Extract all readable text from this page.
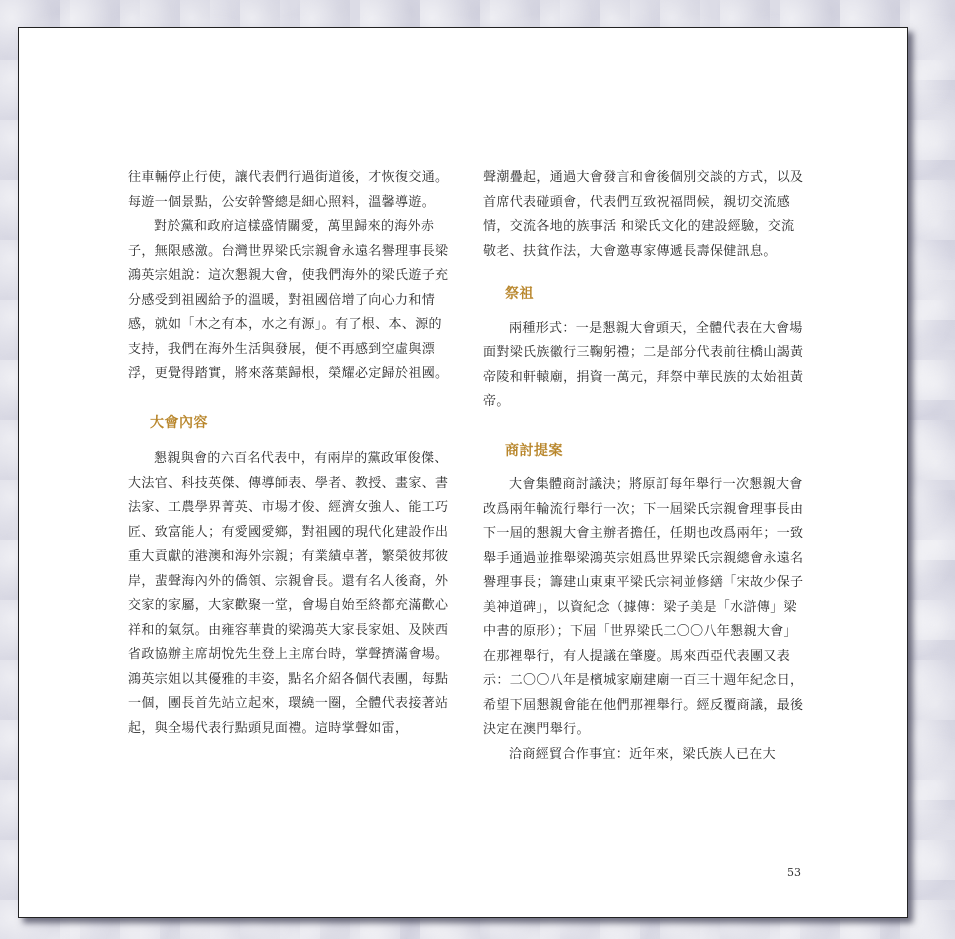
往車輛停止行使，讓代表們行過街道後，才恢復交通。每遊一個景點，公安幹警總是細心照料，溫馨導遊。

對於黨和政府這樣盛情關愛，萬里歸來的海外赤子，無限感激。台灣世界梁氏宗親會永遠名譽理事長梁鴻英宗姐說：這次懇親大會，使我們海外的梁氏遊子充分感受到祖國給予的溫暖，對祖國倍增了向心力和情感，就如「木之有本，水之有源」。有了根、本、源的支持，我們在海外生活與發展，便不再感到空虛與漂浮，更覺得踏實，將來落葉歸根，榮耀必定歸於祖國。

大會內容

懇親與會的六百名代表中，有兩岸的黨政軍俊傑、大法官、科技英傑、傳導師表、學者、教授、畫家、書法家、工農學界菁英、市場才俊、經濟女強人、能工巧匠、致富能人；有愛國愛鄉，對祖國的現代化建設作出重大貢獻的港澳和海外宗親；有業績卓著，繁榮彼邦彼岸，蜚聲海內外的僑領、宗親會長。還有名人後裔，外交家的家屬，大家歡聚一堂，會場自始至終都充滿歡心祥和的氣氛。由雍容華貴的梁鴻英大家長家姐、及陝西省政協辦主席胡悅先生登上主席台時，掌聲擠滿會場。鴻英宗姐以其優雅的丰姿，點名介紹各個代表團，每點一個，團長首先站立起來，環繞一圈，全體代表接著站起，與全場代表行點頭見面禮。這時掌聲如雷，

聲潮疊起，通過大會發言和會後個別交談的方式，以及首席代表碰頭會，代表們互致祝福問候，親切交流感情，交流各地的族事活 和梁氏文化的建設經驗，交流敬老、扶貧作法，大會邀專家傳遞長壽保健訊息。

祭祖

兩種形式：一是懇親大會頭天，全體代表在大會場面對梁氏族徽行三鞠躬禮；二是部分代表前往橋山謁黃帝陵和軒轅廟，捐資一萬元，拜祭中華民族的太始祖黃帝。

商討提案

大會集體商討議決；將原訂每年舉行一次懇親大會改爲兩年輪流行舉行一次；下一屆梁氏宗親會理事長由下一屆的懇親大會主辦者擔任，任期也改爲兩年；一致舉手通過並推舉梁鴻英宗姐爲世界梁氏宗親總會永遠名譽理事長；籌建山東東平梁氏宗祠並修繕「宋故少保子美神道碑」，以資紀念（據傳：梁子美是「水滸傳」梁中書的原形）；下屆「世界梁氏二〇〇八年懇親大會」在那裡舉行，有人提議在肇慶。馬來西亞代表團又表示：二〇〇八年是檳城家廟建廟一百三十週年紀念日，希望下屆懇親會能在他們那裡舉行。經反覆商議，最後決定在澳門舉行。

洽商經貿合作事宜：近年來，梁氏族人已在大

53
